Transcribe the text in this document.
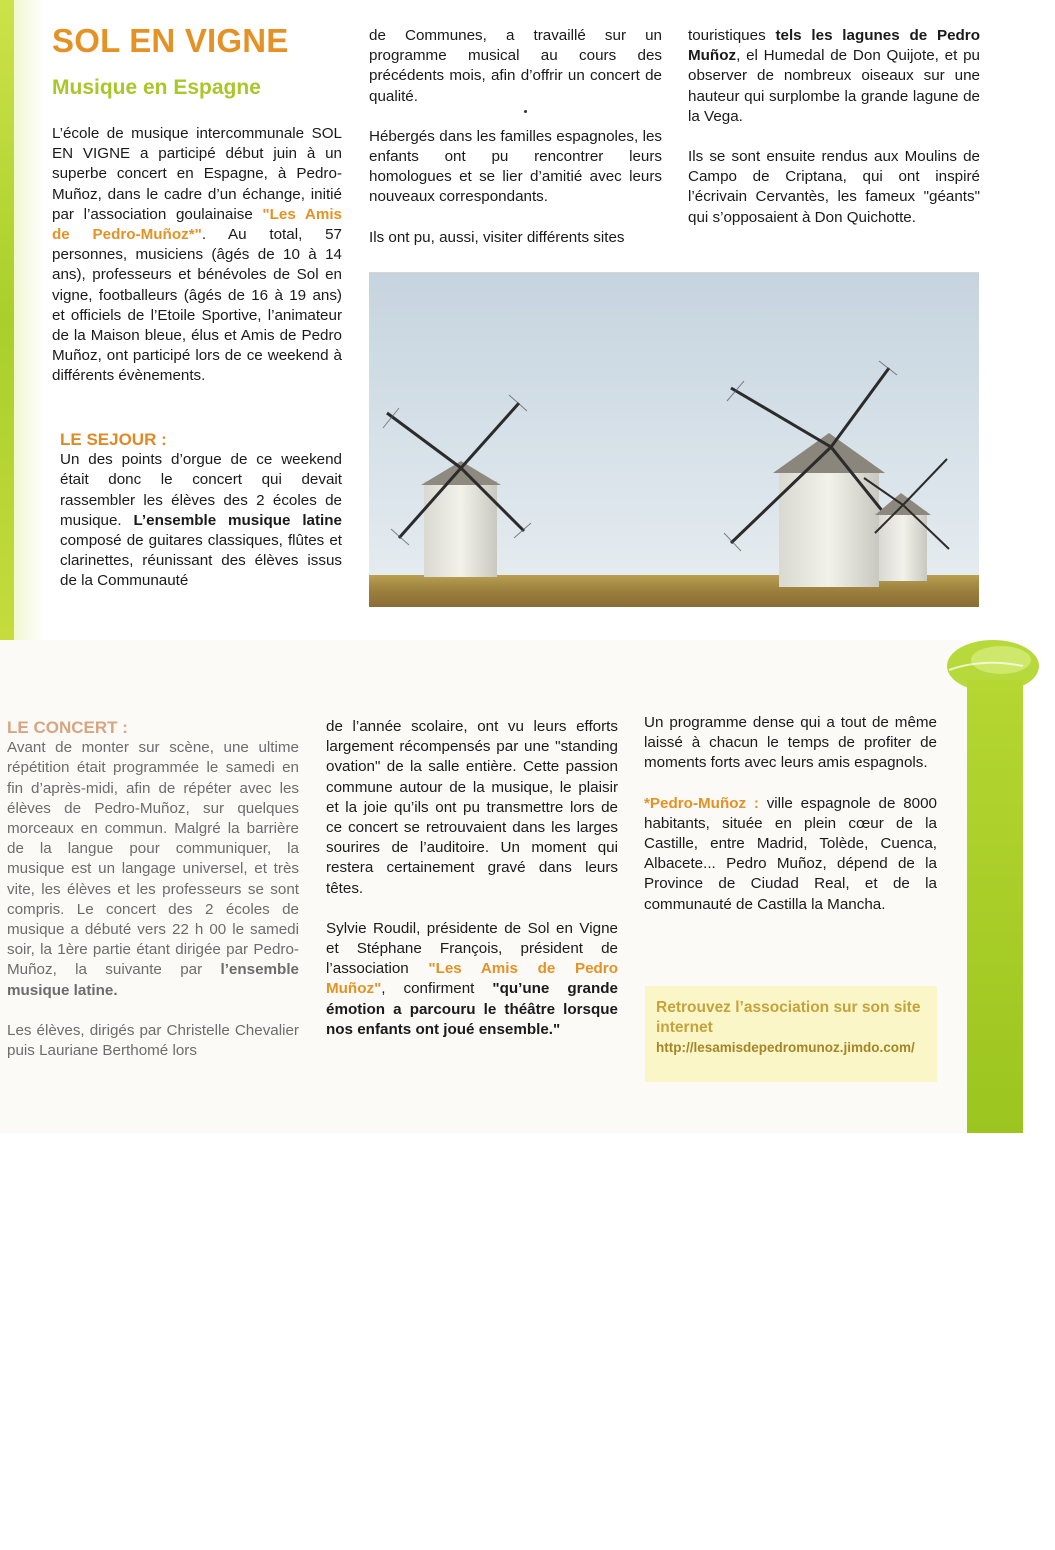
SOL EN VIGNE
Musique en Espagne

L’école de musique intercommunale SOL EN VIGNE a participé début juin à un superbe concert en Espagne, à Pedro-Muñoz, dans le cadre d’un échange, initié par l’association goulainaise "Les Amis de Pedro-Muñoz*". Au total, 57 personnes, musiciens (âgés de 10 à 14 ans), professeurs et bénévoles de Sol en vigne, footballeurs (âgés de 16 à 19 ans) et officiels de l’Etoile Sportive, l’animateur de la Maison bleue, élus et Amis de Pedro Muñoz, ont participé lors de ce weekend à différents évènements.

LE SEJOUR :

Un des points d’orgue de ce weekend était donc le concert qui devait rassembler les élèves des 2 écoles de musique. L’ensemble musique latine composé de guitares classiques, flûtes et clarinettes, réunissant des élèves issus de la Communauté

de Communes, a travaillé sur un programme musical au cours des précédents mois, afin d’offrir un concert de qualité.

Hébergés dans les familles espagnoles, les enfants ont pu rencontrer leurs homologues et se lier d’amitié avec leurs nouveaux correspondants.

Ils ont pu, aussi, visiter différents sites

touristiques tels les lagunes de Pedro Muñoz, el Humedal de Don Quijote, et pu observer de nombreux oiseaux sur une hauteur qui surplombe la grande lagune de la Vega.

Ils se sont ensuite rendus aux Moulins de Campo de Criptana, qui ont inspiré l’écrivain Cervantès, les fameux "géants" qui s’opposaient à Don Quichotte.

Sèvre, Maine & Goulaine

LE CONCERT :

Avant de monter sur scène, une ultime répétition était programmée le samedi en fin d’après-midi, afin de répéter avec les élèves de Pedro-Muñoz, sur quelques morceaux en commun. Malgré la barrière de la langue pour communiquer, la musique est un langage universel, et très vite, les élèves et les professeurs se sont compris. Le concert des 2 écoles de musique a débuté vers 22 h 00 le samedi soir, la 1ère partie étant dirigée par Pedro-Muñoz, la suivante par l’ensemble musique latine.

Les élèves, dirigés par Christelle Chevalier puis Lauriane Berthomé lors

de l’année scolaire, ont vu leurs efforts largement récompensés par une "standing ovation" de la salle entière. Cette passion commune autour de la musique, le plaisir et la joie qu’ils ont pu transmettre lors de ce concert se retrouvaient dans les larges sourires de l’auditoire. Un moment qui restera certainement gravé dans leurs têtes.

Sylvie Roudil, présidente de Sol en Vigne et Stéphane François, président de l’association "Les Amis de Pedro Muñoz", confirment "qu’une grande émotion a parcouru le théâtre lorsque nos enfants ont joué ensemble."

Un programme dense qui a tout de même laissé à chacun le temps de profiter de moments forts avec leurs amis espagnols.

*Pedro-Muñoz : ville espagnole de 8000 habitants, située en plein cœur de la Castille, entre Madrid, Tolède, Cuenca, Albacete... Pedro Muñoz, dépend de la Province de Ciudad Real, et de la communauté de Castilla la Mancha.

Retrouvez l’association sur son site internet
http://lesamisdepedromunoz.jimdo.com/
